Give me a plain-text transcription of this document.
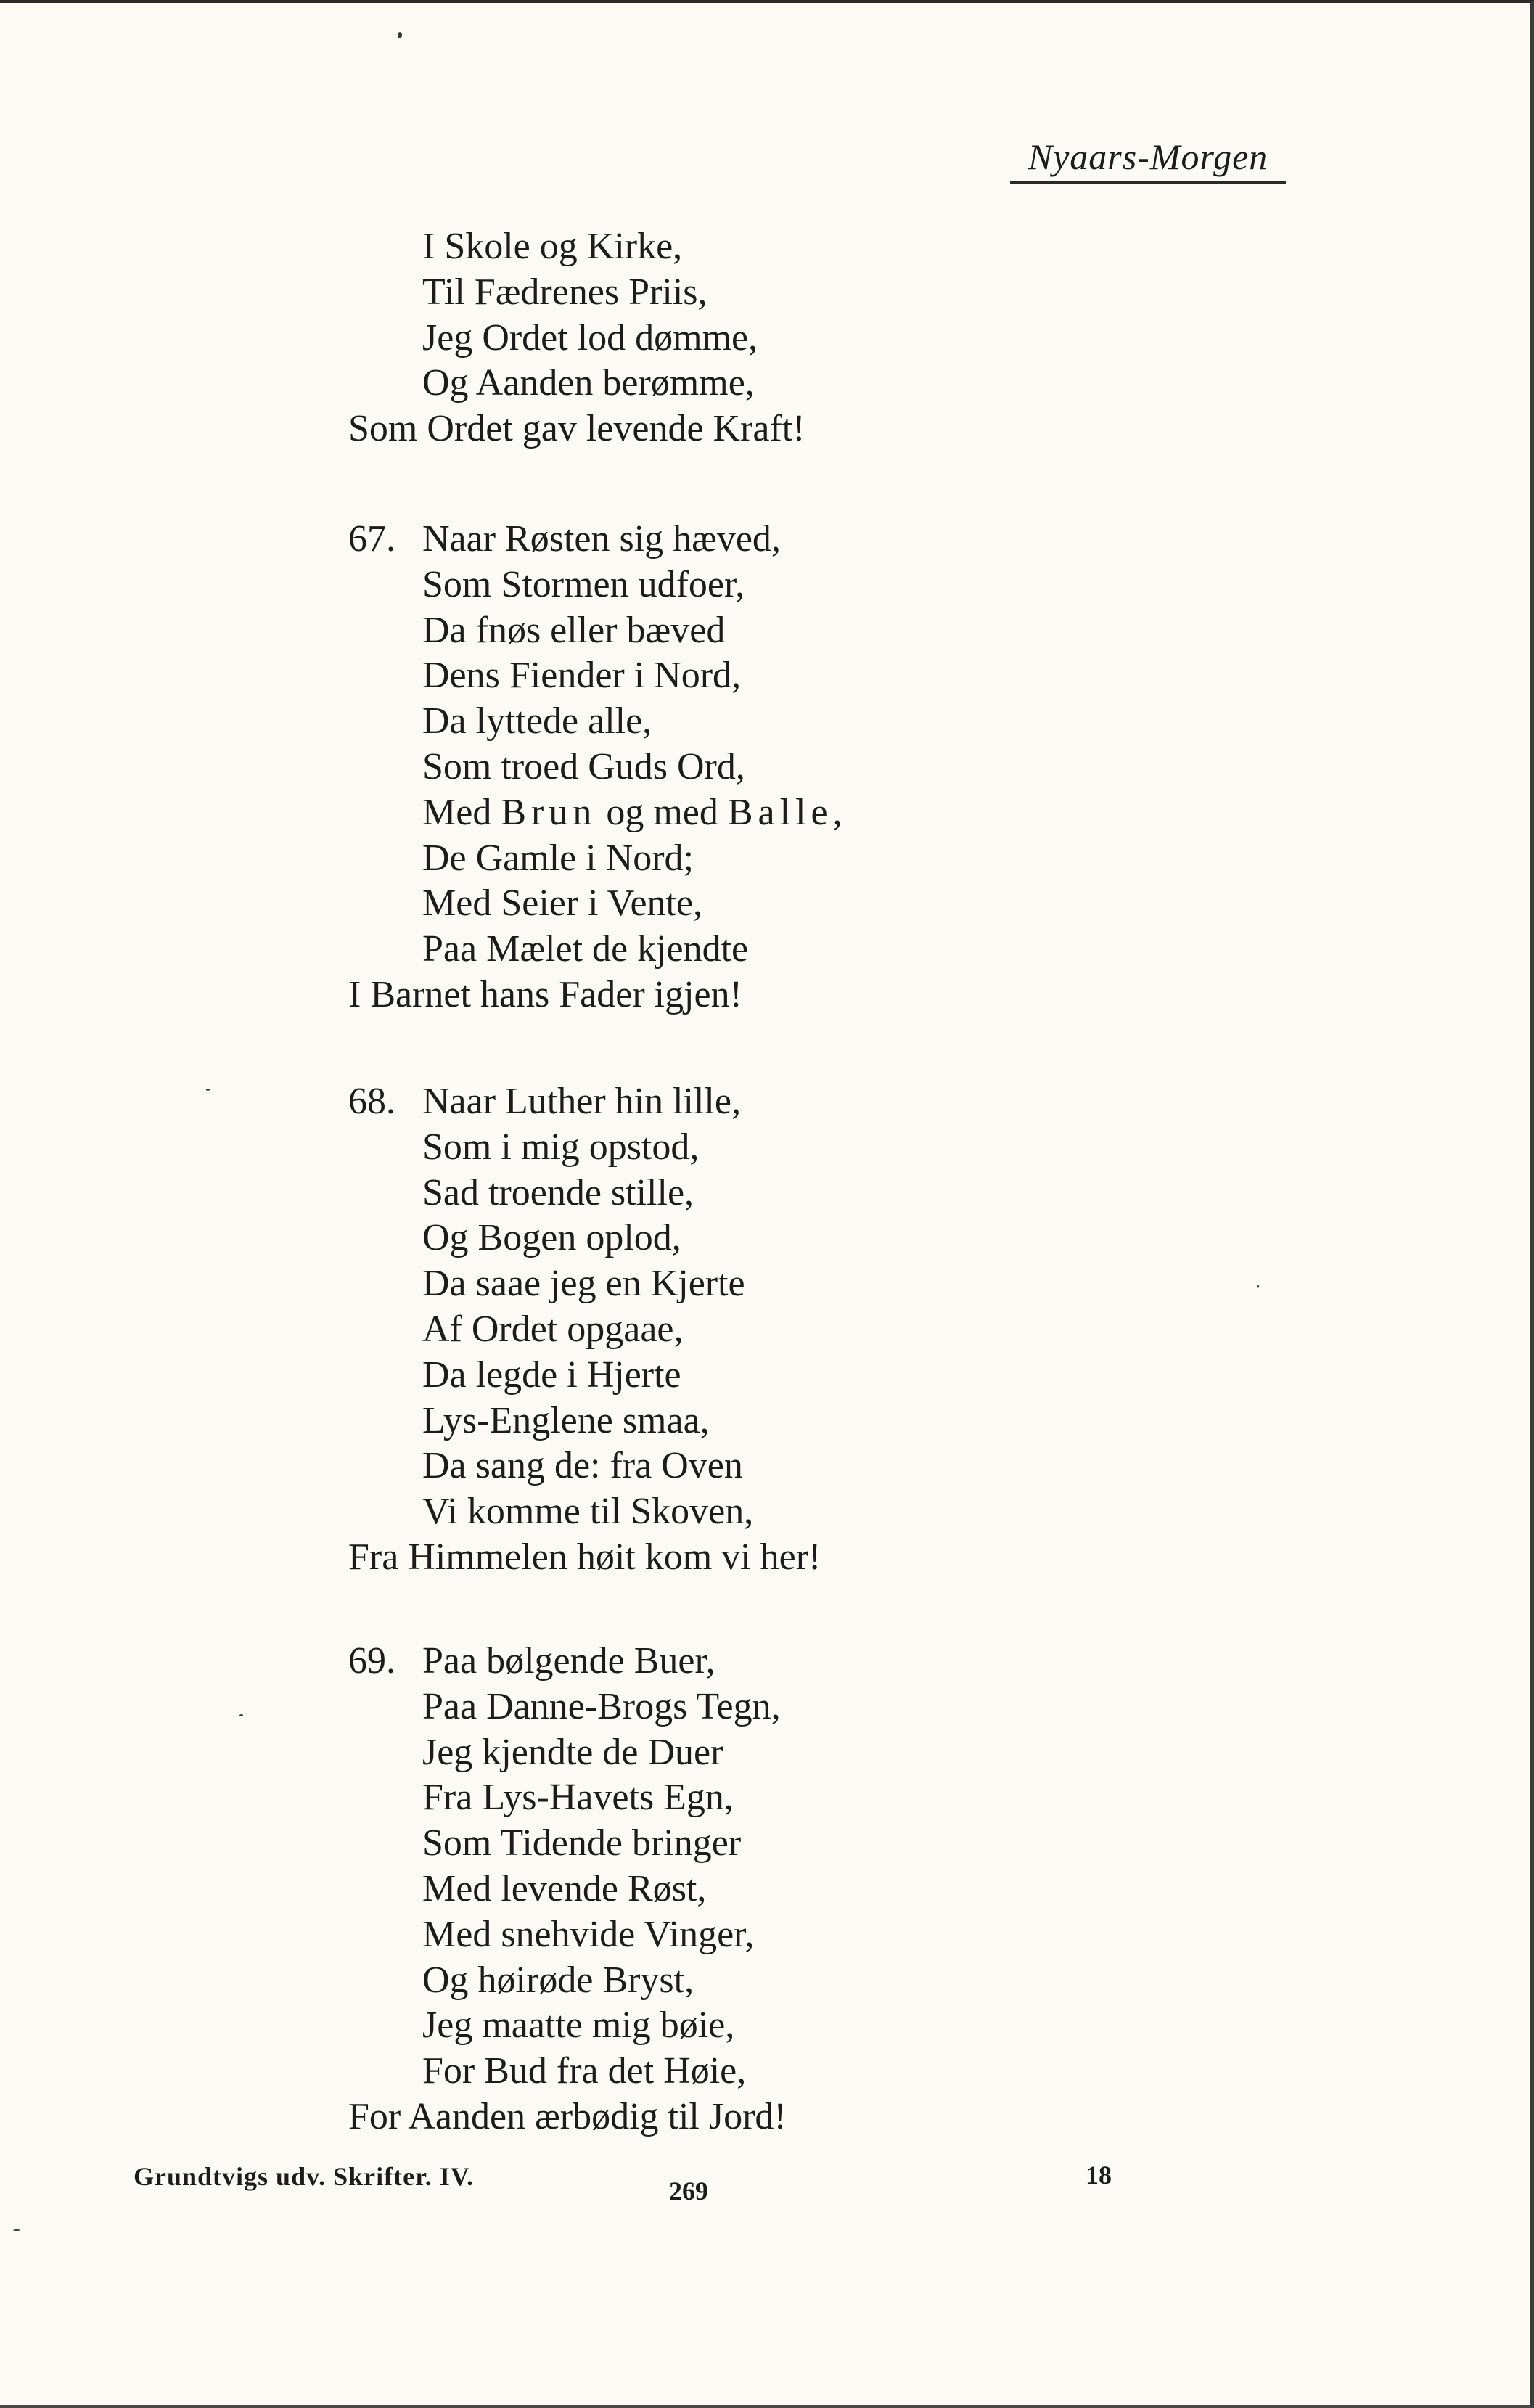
Nyaars-Morgen
I Skole og Kirke,
Til Fædrenes Priis,
Jeg Ordet lod dømme,
Og Aanden berømme,
Som Ordet gav levende Kraft!
67. Naar Røsten sig hæved,
Som Stormen udfoer,
Da fnøs eller bæved
Dens Fiender i Nord,
Da lyttede alle,
Som troed Guds Ord,
Med Brun og med Balle,
De Gamle i Nord;
Med Seier i Vente,
Paa Mælet de kjendte
I Barnet hans Fader igjen!
68. Naar Luther hin lille,
Som i mig opstod,
Sad troende stille,
Og Bogen oplod,
Da saae jeg en Kjerte
Af Ordet opgaae,
Da legde i Hjerte
Lys-Englene smaa,
Da sang de: fra Oven
Vi komme til Skoven,
Fra Himmelen høit kom vi her!
69. Paa bølgende Buer,
Paa Danne-Brogs Tegn,
Jeg kjendte de Duer
Fra Lys-Havets Egn,
Som Tidende bringer
Med levende Røst,
Med snehvide Vinger,
Og høirøde Bryst,
Jeg maatte mig bøie,
For Bud fra det Høie,
For Aanden ærbødig til Jord!
Grundtvigs udv. Skrifter. IV.	269
18
